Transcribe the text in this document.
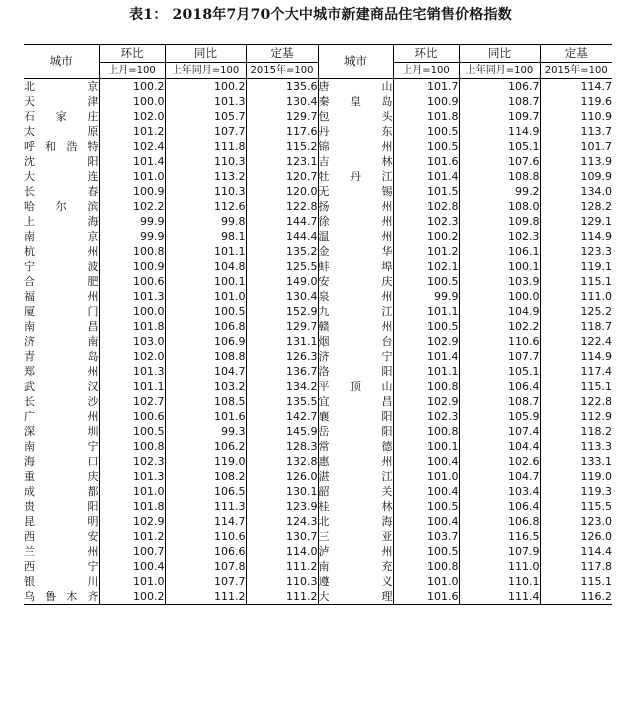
表1： 2018年7月70个大中城市新建商品住宅销售价格指数
城市	环比	同比	定基	城市	环比	同比	定基
	上月=100	上年同月=100	2015年=100		上月=100	上年同月=100	2015年=100
北　京	100.2	100.2	135.6	唐　山	101.7	106.7	114.7
天　津	100.0	101.3	130.4	秦皇岛	100.9	108.7	119.6
石家庄	102.0	105.7	129.7	包　头	101.8	109.7	110.9
太　原	101.2	107.7	117.6	丹　东	100.5	114.9	113.7
呼和浩特	102.4	111.8	115.2	锦　州	100.5	105.1	101.7
沈　阳	101.4	110.3	123.1	吉　林	101.6	107.6	113.9
大　连	101.0	113.2	120.7	牡丹江	101.4	108.8	109.9
长　春	100.9	110.3	120.0	无　锡	101.5	99.2	134.0
哈尔滨	102.2	112.6	122.8	扬　州	102.8	108.0	128.2
上　海	99.9	99.8	144.7	徐　州	102.3	109.8	129.1
南　京	99.9	98.1	144.4	温　州	100.2	102.3	114.9
杭　州	100.8	101.1	135.2	金　华	101.2	106.1	123.3
宁　波	100.9	104.8	125.5	蚌　埠	102.1	100.1	119.1
合　肥	100.6	100.1	149.0	安　庆	100.5	103.9	115.1
福　州	101.3	101.0	130.4	泉　州	99.9	100.0	111.0
厦　门	100.0	100.5	152.9	九　江	101.1	104.9	125.2
南　昌	101.8	106.8	129.7	赣　州	100.5	102.2	118.7
济　南	103.0	106.9	131.1	烟　台	102.9	110.6	122.4
青　岛	102.0	108.8	126.3	济　宁	101.4	107.7	114.9
郑　州	101.3	104.7	136.7	洛　阳	101.1	105.1	117.4
武　汉	101.1	103.2	134.2	平顶山	100.8	106.4	115.1
长　沙	102.7	108.5	135.5	宜　昌	102.9	108.7	122.8
广　州	100.6	101.6	142.7	襄　阳	102.3	105.9	112.9
深　圳	100.5	99.3	145.9	岳　阳	100.8	107.4	118.2
南　宁	100.8	106.2	128.3	常　德	100.1	104.4	113.3
海　口	102.3	119.0	132.8	惠　州	100.4	102.6	133.1
重　庆	101.3	108.2	126.0	湛　江	101.0	104.7	119.0
成　都	101.0	106.5	130.1	韶　关	100.4	103.4	119.3
贵　阳	101.8	111.3	123.9	桂　林	100.5	106.4	115.5
昆　明	102.9	114.7	124.3	北　海	100.4	106.8	123.0
西　安	101.2	110.6	130.7	三　亚	103.7	116.5	126.0
兰　州	100.7	106.6	114.0	泸　州	100.5	107.9	114.4
西　宁	100.4	107.8	111.2	南　充	100.8	111.0	117.8
银　川	101.0	107.7	110.3	遵　义	101.0	110.1	115.1
乌鲁木齐	100.2	111.2	111.2	大　理	101.6	111.4	116.2
